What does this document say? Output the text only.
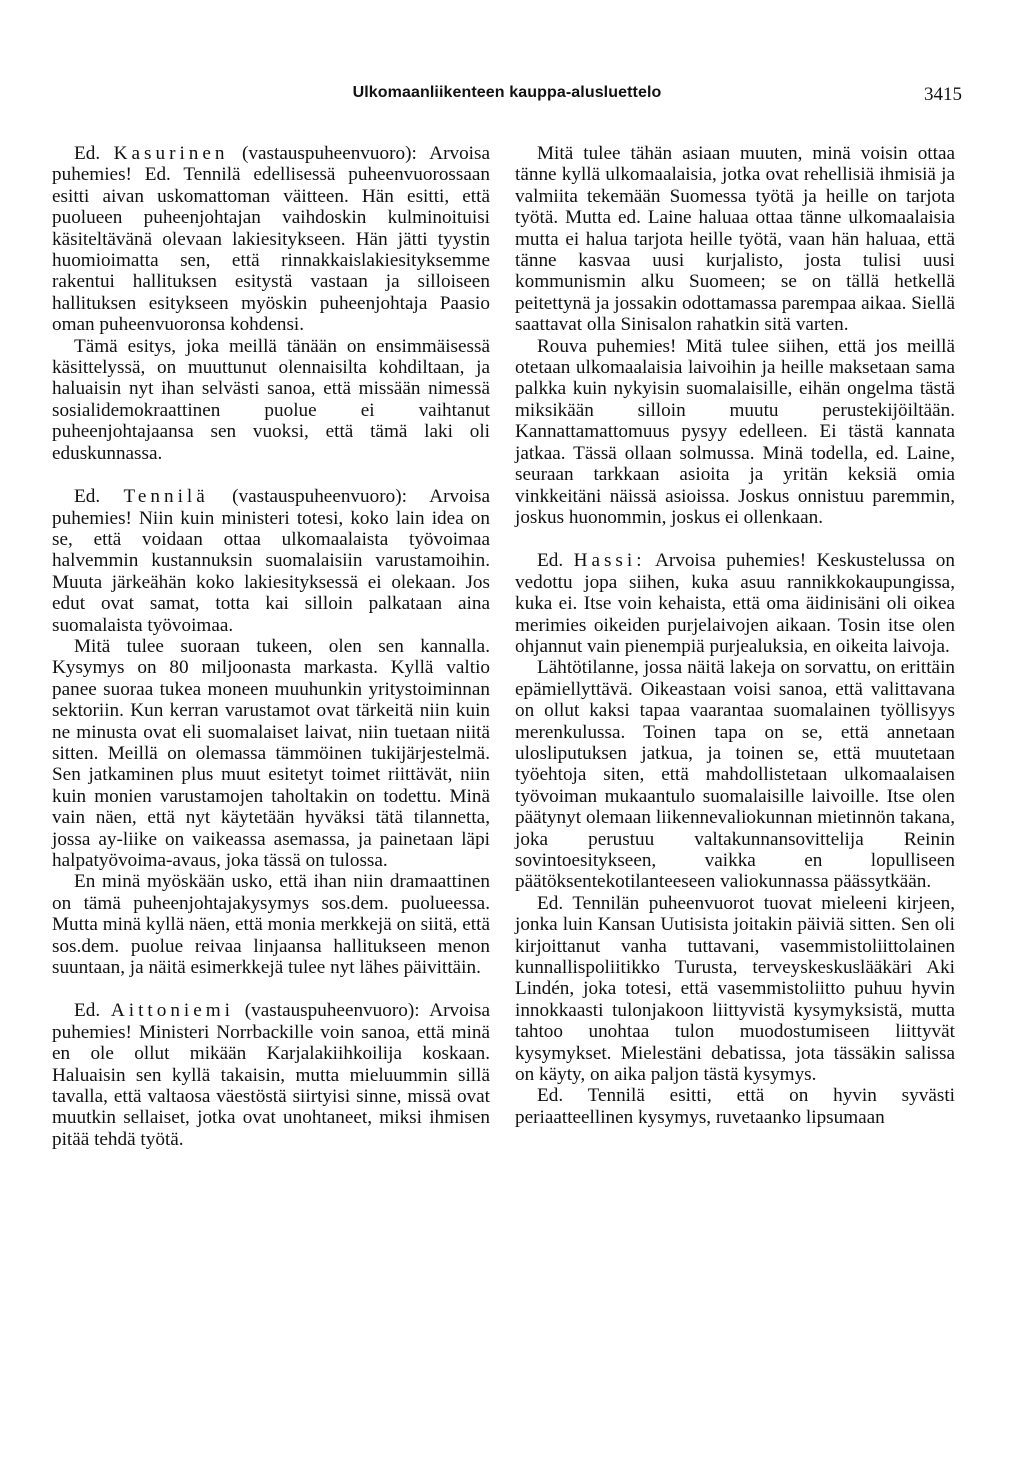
Ulkomaanliikenteen kauppa-alusluettelo	3415

Ed. Kasurinen (vastauspuheenvuoro): Arvoisa puhemies! Ed. Tennilä edellisessä puheenvuorossaan esitti aivan uskomattoman väitteen. Hän esitti, että puolueen puheenjohtajan vaihdoskin kulminoituisi käsiteltävänä olevaan lakiesitykseen. Hän jätti tyystin huomioimatta sen, että rinnakkaislakiesityksemme rakentui hallituksen esitystä vastaan ja silloiseen hallituksen esitykseen myöskin puheenjohtaja Paasio oman puheenvuoronsa kohdensi.

Tämä esitys, joka meillä tänään on ensimmäisessä käsittelyssä, on muuttunut olennaisilta kohdiltaan, ja haluaisin nyt ihan selvästi sanoa, että missään nimessä sosialidemokraattinen puolue ei vaihtanut puheenjohtajaansa sen vuoksi, että tämä laki oli eduskunnassa.

Ed. Tennilä (vastauspuheenvuoro): Arvoisa puhemies! Niin kuin ministeri totesi, koko lain idea on se, että voidaan ottaa ulkomaalaista työvoimaa halvemmin kustannuksin suomalaisiin varustamoihin. Muuta järkeähän koko lakiesityksessä ei olekaan. Jos edut ovat samat, totta kai silloin palkataan aina suomalaista työvoimaa.

Mitä tulee suoraan tukeen, olen sen kannalla. Kysymys on 80 miljoonasta markasta. Kyllä valtio panee suoraa tukea moneen muuhunkin yritystoiminnan sektoriin. Kun kerran varustamot ovat tärkeitä niin kuin ne minusta ovat eli suomalaiset laivat, niin tuetaan niitä sitten. Meillä on olemassa tämmöinen tukijärjestelmä. Sen jatkaminen plus muut esitetyt toimet riittävät, niin kuin monien varustamojen taholtakin on todettu. Minä vain näen, että nyt käytetään hyväksi tätä tilannetta, jossa ay-liike on vaikeassa asemassa, ja painetaan läpi halpatyövoima-avaus, joka tässä on tulossa.

En minä myöskään usko, että ihan niin dramaattinen on tämä puheenjohtajakysymys sos.dem. puolueessa. Mutta minä kyllä näen, että monia merkkejä on siitä, että sos.dem. puolue reivaa linjaansa hallitukseen menon suuntaan, ja näitä esimerkkejä tulee nyt lähes päivittäin.

Ed. Aittoniemi (vastauspuheenvuoro): Arvoisa puhemies! Ministeri Norrbackille voin sanoa, että minä en ole ollut mikään Karjalakiihkoilija koskaan. Haluaisin sen kyllä takaisin, mutta mieluummin sillä tavalla, että valtaosa väestöstä siirtyisi sinne, missä ovat muutkin sellaiset, jotka ovat unohtaneet, miksi ihmisen pitää tehdä työtä.

Mitä tulee tähän asiaan muuten, minä voisin ottaa tänne kyllä ulkomaalaisia, jotka ovat rehellisiä ihmisiä ja valmiita tekemään Suomessa työtä ja heille on tarjota työtä. Mutta ed. Laine haluaa ottaa tänne ulkomaalaisia mutta ei halua tarjota heille työtä, vaan hän haluaa, että tänne kasvaa uusi kurjalisto, josta tulisi uusi kommunismin alku Suomeen; se on tällä hetkellä peitettynä ja jossakin odottamassa parempaa aikaa. Siellä saattavat olla Sinisalon rahatkin sitä varten.

Rouva puhemies! Mitä tulee siihen, että jos meillä otetaan ulkomaalaisia laivoihin ja heille maksetaan sama palkka kuin nykyisin suomalaisille, eihän ongelma tästä miksikään silloin muutu perustekijöiltään. Kannattamattomuus pysyy edelleen. Ei tästä kannata jatkaa. Tässä ollaan solmussa. Minä todella, ed. Laine, seuraan tarkkaan asioita ja yritän keksiä omia vinkkeitäni näissä asioissa. Joskus onnistuu paremmin, joskus huonommin, joskus ei ollenkaan.

Ed. Hassi: Arvoisa puhemies! Keskustelussa on vedottu jopa siihen, kuka asuu rannikkokaupungissa, kuka ei. Itse voin kehaista, että oma äidinisäni oli oikea merimies oikeiden purjelaivojen aikaan. Tosin itse olen ohjannut vain pienempiä purjealuksia, en oikeita laivoja.

Lähtötilanne, jossa näitä lakeja on sorvattu, on erittäin epämiellyttävä. Oikeastaan voisi sanoa, että valittavana on ollut kaksi tapaa vaarantaa suomalainen työllisyys merenkulussa. Toinen tapa on se, että annetaan ulosliputuksen jatkua, ja toinen se, että muutetaan työehtoja siten, että mahdollistetaan ulkomaalaisen työvoiman mukaantulo suomalaisille laivoille. Itse olen päätynyt olemaan liikennevaliokunnan mietinnön takana, joka perustuu valtakunnansovittelija Reinin sovintoesitykseen, vaikka en lopulliseen päätöksentekotilanteeseen valiokunnassa päässytkään.

Ed. Tennilän puheenvuorot tuovat mieleeni kirjeen, jonka luin Kansan Uutisista joitakin päiviä sitten. Sen oli kirjoittanut vanha tuttavani, vasemmistoliittolainen kunnallispoliitikko Turusta, terveyskeskuslääkäri Aki Lindén, joka totesi, että vasemmistoliitto puhuu hyvin innokkaasti tulonjakoon liittyvistä kysymyksistä, mutta tahtoo unohtaa tulon muodostumiseen liittyvät kysymykset. Mielestäni debatissa, jota tässäkin salissa on käyty, on aika paljon tästä kysymys.

Ed. Tennilä esitti, että on hyvin syvästi periaatteellinen kysymys, ruvetaanko lipsumaan
